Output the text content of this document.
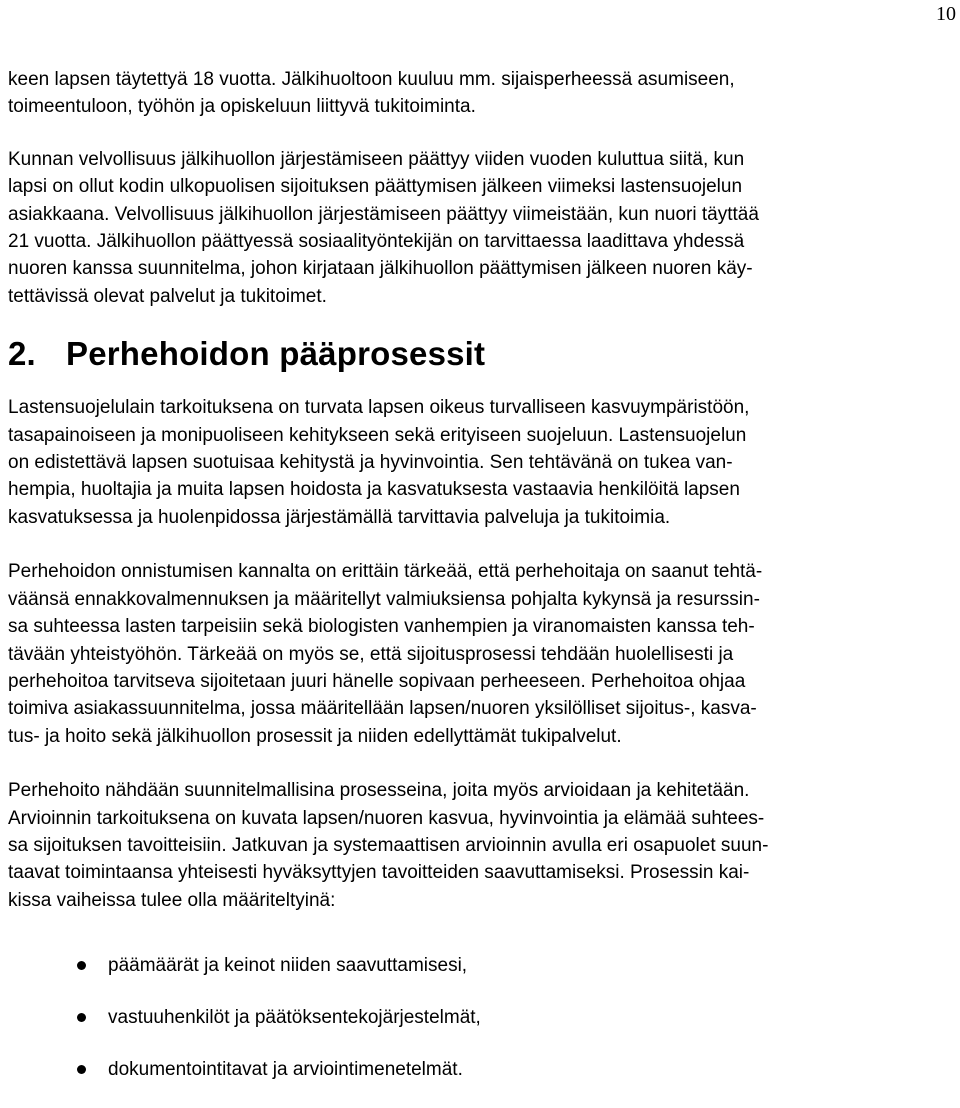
10

keen lapsen täytettyä 18 vuotta. Jälkihuoltoon kuuluu mm. sijaisperheessä asumiseen,
toimeentuloon, työhön ja opiskeluun liittyvä tukitoiminta.

Kunnan velvollisuus jälkihuollon järjestämiseen päättyy viiden vuoden kuluttua siitä, kun
lapsi on ollut kodin ulkopuolisen sijoituksen päättymisen jälkeen viimeksi lastensuojelun
asiakkaana. Velvollisuus jälkihuollon järjestämiseen päättyy viimeistään, kun nuori täyttää
21 vuotta. Jälkihuollon päättyessä sosiaalityöntekijän on tarvittaessa laadittava yhdessä
nuoren kanssa suunnitelma, johon kirjataan jälkihuollon päättymisen jälkeen nuoren käy-
tettävissä olevat palvelut ja tukitoimet.

2. Perhehoidon pääprosessit

Lastensuojelulain tarkoituksena on turvata lapsen oikeus turvalliseen kasvuympäristöön,
tasapainoiseen ja monipuoliseen kehitykseen sekä erityiseen suojeluun. Lastensuojelun
on edistettävä lapsen suotuisaa kehitystä ja hyvinvointia. Sen tehtävänä on tukea van-
hempia, huoltajia ja muita lapsen hoidosta ja kasvatuksesta vastaavia henkilöitä lapsen
kasvatuksessa ja huolenpidossa järjestämällä tarvittavia palveluja ja tukitoimia.

Perhehoidon onnistumisen kannalta on erittäin tärkeää, että perhehoitaja on saanut tehtä-
väänsä ennakkovalmennuksen ja määritellyt valmiuksiensa pohjalta kykynsä ja resurssin-
sa suhteessa lasten tarpeisiin sekä biologisten vanhempien ja viranomaisten kanssa teh-
tävään yhteistyöhön. Tärkeää on myös se, että sijoitusprosessi tehdään huolellisesti ja
perhehoitoa tarvitseva sijoitetaan juuri hänelle sopivaan perheeseen. Perhehoitoa ohjaa
toimiva asiakassuunnitelma, jossa määritellään lapsen/nuoren yksilölliset sijoitus-, kasva-
tus- ja hoito sekä jälkihuollon prosessit ja niiden edellyttämät tukipalvelut.

Perhehoito nähdään suunnitelmallisina prosesseina, joita myös arvioidaan ja kehitetään.
Arvioinnin tarkoituksena on kuvata lapsen/nuoren kasvua, hyvinvointia ja elämää suhtees-
sa sijoituksen tavoitteisiin. Jatkuvan ja systemaattisen arvioinnin avulla eri osapuolet suun-
taavat toimintaansa yhteisesti hyväksyttyjen tavoitteiden saavuttamiseksi. Prosessin kai-
kissa vaiheissa tulee olla määriteltyinä:

päämäärät ja keinot niiden saavuttamisesi,
vastuuhenkilöt ja päätöksentekojärjestelmät,
dokumentointitavat ja arviointimenetelmät.
